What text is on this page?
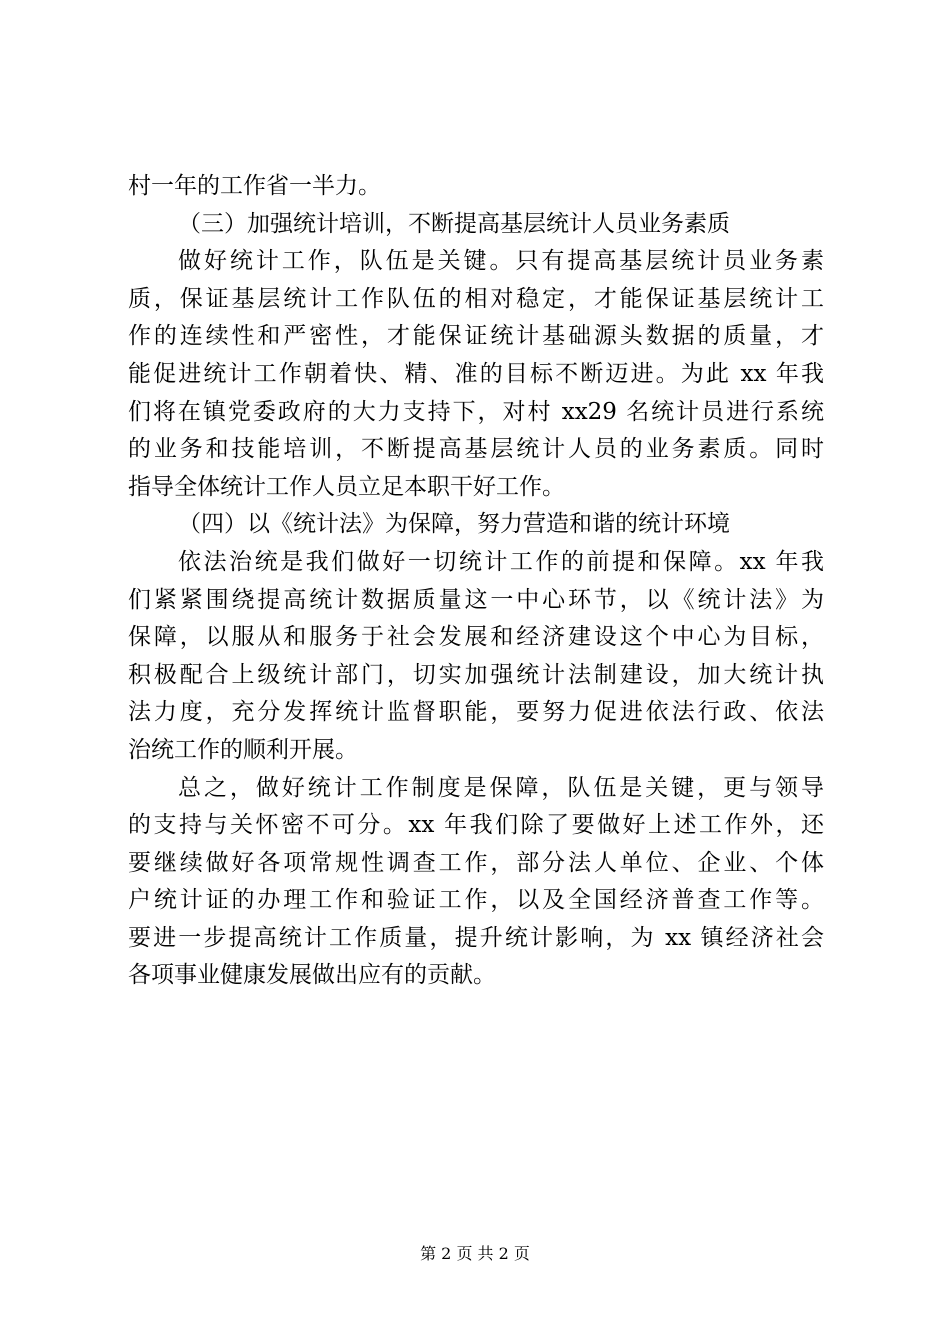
村一年的工作省一半力。
（三）加强统计培训，不断提高基层统计人员业务素质
做好统计工作，队伍是关键。只有提高基层统计员业务素
质，保证基层统计工作队伍的相对稳定，才能保证基层统计工
作的连续性和严密性，才能保证统计基础源头数据的质量，才
能促进统计工作朝着快、精、准的目标不断迈进。为此 xx 年我
们将在镇党委政府的大力支持下，对村 xx29 名统计员进行系统
的业务和技能培训，不断提高基层统计人员的业务素质。同时
指导全体统计工作人员立足本职干好工作。
（四）以《统计法》为保障，努力营造和谐的统计环境
依法治统是我们做好一切统计工作的前提和保障。xx 年我
们紧紧围绕提高统计数据质量这一中心环节，以《统计法》为
保障，以服从和服务于社会发展和经济建设这个中心为目标，
积极配合上级统计部门，切实加强统计法制建设，加大统计执
法力度，充分发挥统计监督职能，要努力促进依法行政、依法
治统工作的顺利开展。
总之，做好统计工作制度是保障，队伍是关键，更与领导
的支持与关怀密不可分。xx 年我们除了要做好上述工作外，还
要继续做好各项常规性调查工作，部分法人单位、企业、个体
户统计证的办理工作和验证工作，以及全国经济普查工作等。
要进一步提高统计工作质量，提升统计影响，为 xx 镇经济社会
各项事业健康发展做出应有的贡献。
第 2 页 共 2 页
